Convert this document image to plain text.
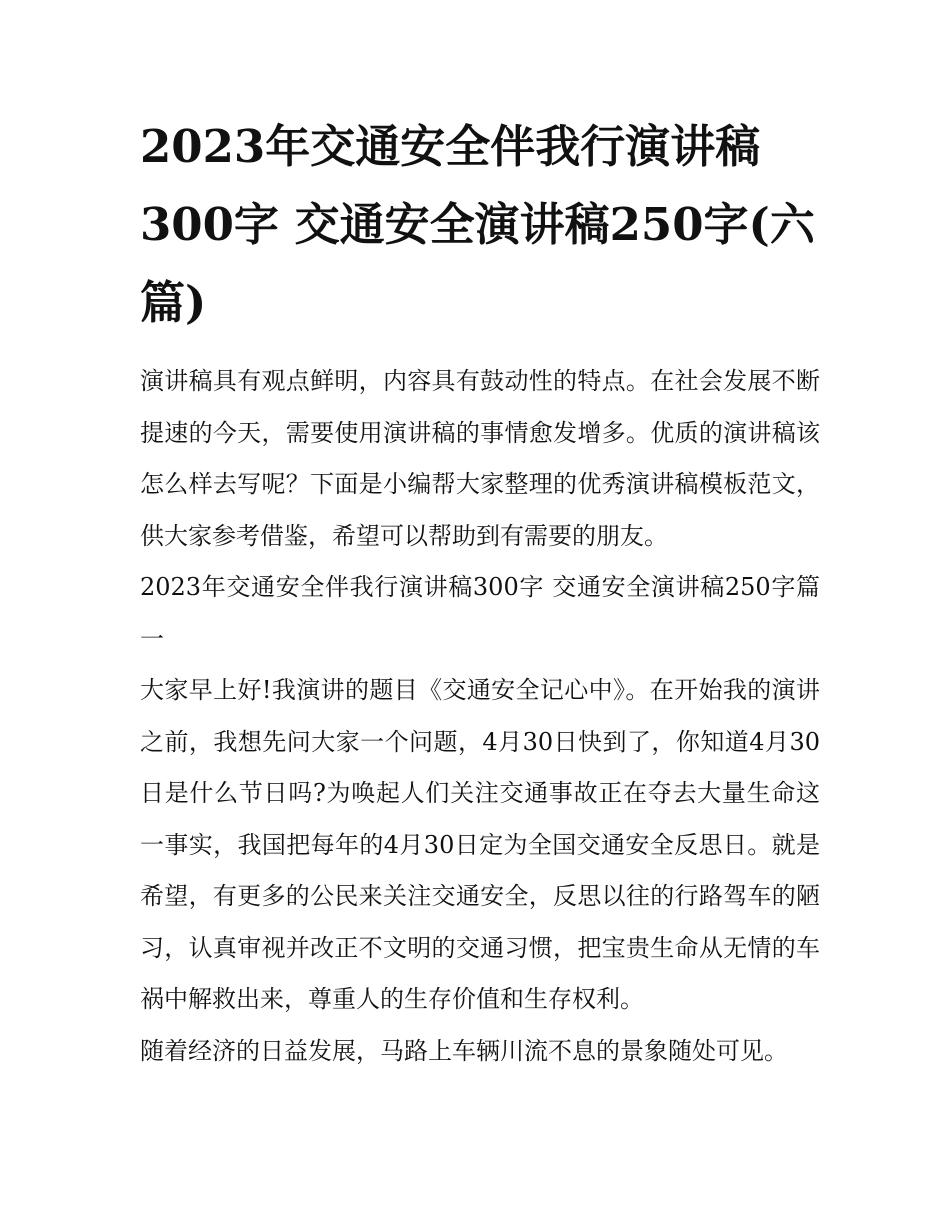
2023年交通安全伴我行演讲稿300字 交通安全演讲稿250字(六篇)

演讲稿具有观点鲜明，内容具有鼓动性的特点。在社会发展不断提速的今天，需要使用演讲稿的事情愈发增多。优质的演讲稿该怎么样去写呢？下面是小编帮大家整理的优秀演讲稿模板范文，供大家参考借鉴，希望可以帮助到有需要的朋友。

2023年交通安全伴我行演讲稿300字 交通安全演讲稿250字篇一

大家早上好!我演讲的题目《交通安全记心中》。在开始我的演讲之前，我想先问大家一个问题，4月30日快到了，你知道4月30日是什么节日吗?为唤起人们关注交通事故正在夺去大量生命这一事实，我国把每年的4月30日定为全国交通安全反思日。就是希望，有更多的公民来关注交通安全，反思以往的行路驾车的陋习，认真审视并改正不文明的交通习惯，把宝贵生命从无情的车祸中解救出来，尊重人的生存价值和生存权利。

随着经济的日益发展，马路上车辆川流不息的景象随处可见。
